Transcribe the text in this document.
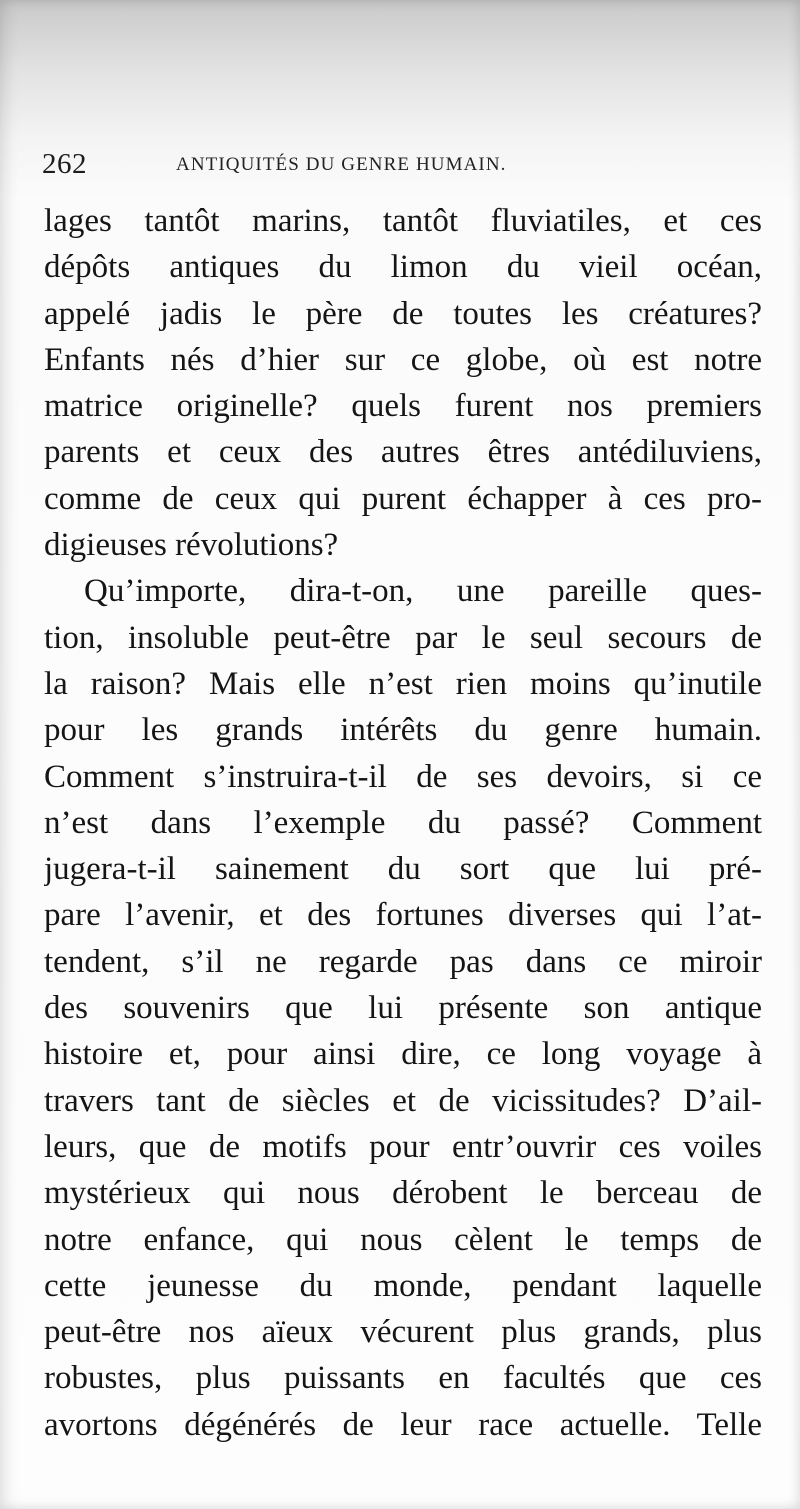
262	ANTIQUITÉS DU GENRE HUMAIN.
lages tantôt marins, tantôt fluviatiles, et ces
dépôts antiques du limon du vieil océan,
appelé jadis le père de toutes les créatures?
Enfants nés d’hier sur ce globe, où est notre
matrice originelle? quels furent nos premiers
parents et ceux des autres êtres antédiluviens,
comme de ceux qui purent échapper à ces pro-
digieuses révolutions?
Qu’importe, dira-t-on, une pareille ques-
tion, insoluble peut-être par le seul secours de
la raison? Mais elle n’est rien moins qu’inutile
pour les grands intérêts du genre humain.
Comment s’instruira-t-il de ses devoirs, si ce
n’est dans l’exemple du passé? Comment
jugera-t-il sainement du sort que lui pré-
pare l’avenir, et des fortunes diverses qui l’at-
tendent, s’il ne regarde pas dans ce miroir
des souvenirs que lui présente son antique
histoire et, pour ainsi dire, ce long voyage à
travers tant de siècles et de vicissitudes? D’ail-
leurs, que de motifs pour entr’ouvrir ces voiles
mystérieux qui nous dérobent le berceau de
notre enfance, qui nous cèlent le temps de
cette jeunesse du monde, pendant laquelle
peut-être nos aïeux vécurent plus grands, plus
robustes, plus puissants en facultés que ces
avortons dégénérés de leur race actuelle. Telle
